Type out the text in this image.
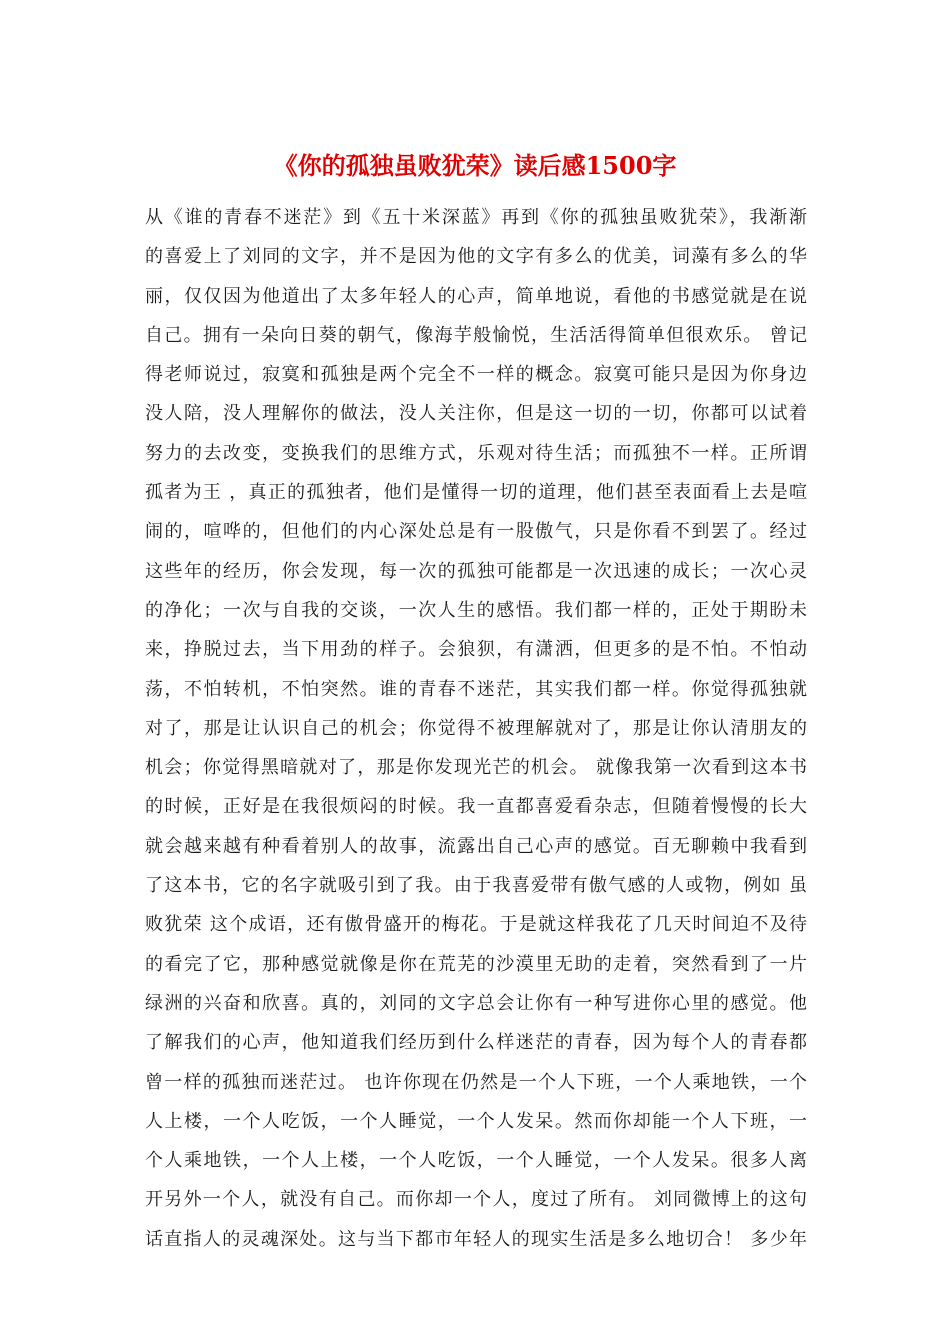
《你的孤独虽败犹荣》读后感1500字
从《谁的青春不迷茫》到《五十米深蓝》再到《你的孤独虽败犹荣》，我渐渐
的喜爱上了刘同的文字，并不是因为他的文字有多么的优美，词藻有多么的华
丽，仅仅因为他道出了太多年轻人的心声，简单地说，看他的书感觉就是在说
自己。拥有一朵向日葵的朝气，像海芋般愉悦，生活活得简单但很欢乐。 曾记
得老师说过，寂寞和孤独是两个完全不一样的概念。寂寞可能只是因为你身边
没人陪，没人理解你的做法，没人关注你，但是这一切的一切，你都可以试着
努力的去改变，变换我们的思维方式，乐观对待生活；而孤独不一样。正所谓
孤者为王 ，真正的孤独者，他们是懂得一切的道理，他们甚至表面看上去是喧
闹的，喧哗的，但他们的内心深处总是有一股傲气，只是你看不到罢了。经过
这些年的经历，你会发现，每一次的孤独可能都是一次迅速的成长；一次心灵
的净化；一次与自我的交谈，一次人生的感悟。我们都一样的，正处于期盼未
来，挣脱过去，当下用劲的样子。会狼狈，有潇洒，但更多的是不怕。不怕动
荡，不怕转机，不怕突然。谁的青春不迷茫，其实我们都一样。你觉得孤独就
对了，那是让认识自己的机会；你觉得不被理解就对了，那是让你认清朋友的
机会；你觉得黑暗就对了，那是你发现光芒的机会。 就像我第一次看到这本书
的时候，正好是在我很烦闷的时候。我一直都喜爱看杂志，但随着慢慢的长大
就会越来越有种看着别人的故事，流露出自己心声的感觉。百无聊赖中我看到
了这本书，它的名字就吸引到了我。由于我喜爱带有傲气感的人或物，例如 虽
败犹荣 这个成语，还有傲骨盛开的梅花。于是就这样我花了几天时间迫不及待
的看完了它，那种感觉就像是你在荒芜的沙漠里无助的走着，突然看到了一片
绿洲的兴奋和欣喜。真的，刘同的文字总会让你有一种写进你心里的感觉。他
了解我们的心声，他知道我们经历到什么样迷茫的青春，因为每个人的青春都
曾一样的孤独而迷茫过。 也许你现在仍然是一个人下班，一个人乘地铁，一个
人上楼，一个人吃饭，一个人睡觉，一个人发呆。然而你却能一个人下班，一
个人乘地铁，一个人上楼，一个人吃饭，一个人睡觉，一个人发呆。很多人离
开另外一个人，就没有自己。而你却一个人，度过了所有。 刘同微博上的这句
话直指人的灵魂深处。这与当下都市年轻人的现实生活是多么地切合！ 多少年
